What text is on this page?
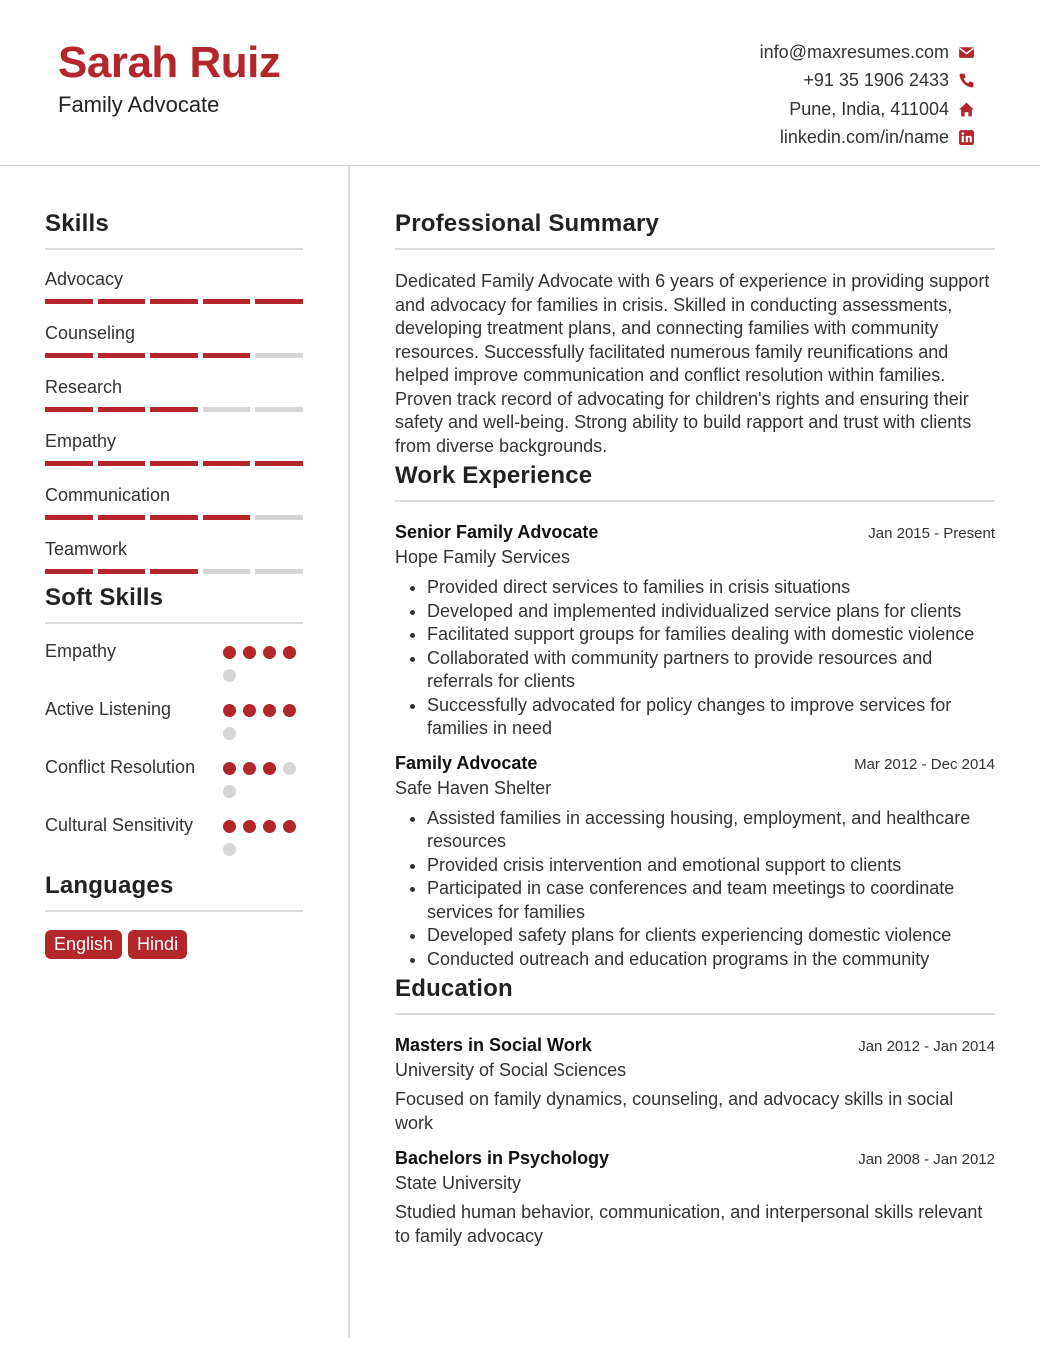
Sarah Ruiz
Family Advocate
info@maxresumes.com
+91 35 1906 2433
Pune, India, 411004
linkedin.com/in/name
Skills
Advocacy
Counseling
Research
Empathy
Communication
Teamwork
Soft Skills
Empathy
Active Listening
Conflict Resolution
Cultural Sensitivity
Languages
English	Hindi
Professional Summary

Dedicated Family Advocate with 6 years of experience in providing support and advocacy for families in crisis. Skilled in conducting assessments, developing treatment plans, and connecting families with community resources. Successfully facilitated numerous family reunifications and helped improve communication and conflict resolution within families. Proven track record of advocating for children's rights and ensuring their safety and well-being. Strong ability to build rapport and trust with clients from diverse backgrounds.

Work Experience
Senior Family Advocate	Jan 2015 - Present
Hope Family Services
• Provided direct services to families in crisis situations
• Developed and implemented individualized service plans for clients
• Facilitated support groups for families dealing with domestic violence
• Collaborated with community partners to provide resources and referrals for clients
• Successfully advocated for policy changes to improve services for families in need
Family Advocate	Mar 2012 - Dec 2014
Safe Haven Shelter
• Assisted families in accessing housing, employment, and healthcare resources
• Provided crisis intervention and emotional support to clients
• Participated in case conferences and team meetings to coordinate services for families
• Developed safety plans for clients experiencing domestic violence
• Conducted outreach and education programs in the community
Education
Masters in Social Work	Jan 2012 - Jan 2014
University of Social Sciences

Focused on family dynamics, counseling, and advocacy skills in social work

Bachelors in Psychology	Jan 2008 - Jan 2012
State University

Studied human behavior, communication, and interpersonal skills relevant to family advocacy
